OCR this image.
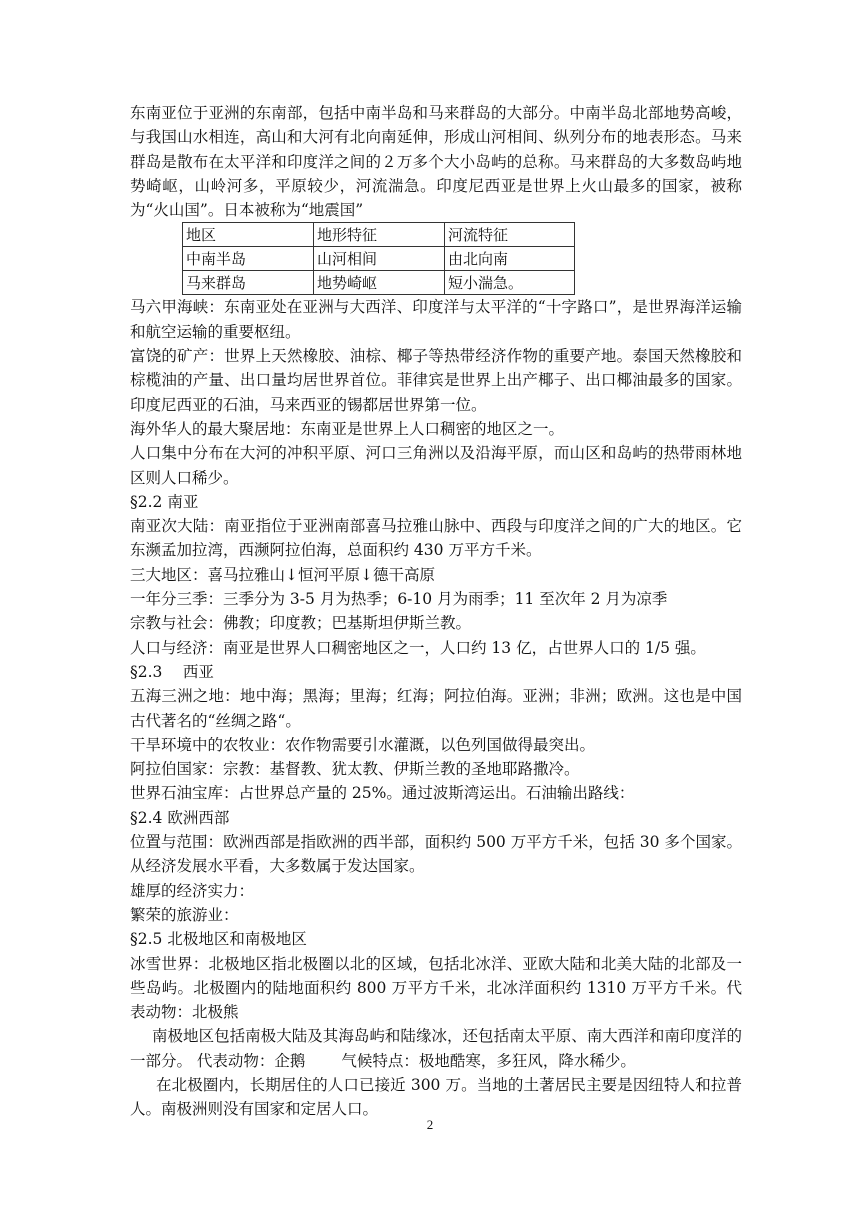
东南亚位于亚洲的东南部，包括中南半岛和马来群岛的大部分。中南半岛北部地势高峻，与我国山水相连，高山和大河有北向南延伸，形成山河相间、纵列分布的地表形态。马来群岛是散布在太平洋和印度洋之间的２万多个大小岛屿的总称。马来群岛的大多数岛屿地势崎岖，山岭河多，平原较少，河流湍急。印度尼西亚是世界上火山最多的国家，被称为“火山国”。日本被称为“地震国”

地区	地形特征	河流特征
中南半岛	山河相间	由北向南
马来群岛	地势崎岖	短小湍急。

马六甲海峡：东南亚处在亚洲与大西洋、印度洋与太平洋的“十字路口”，是世界海洋运输和航空运输的重要枢纽。

富饶的矿产：世界上天然橡胶、油棕、椰子等热带经济作物的重要产地。泰国天然橡胶和棕榄油的产量、出口量均居世界首位。菲律宾是世界上出产椰子、出口椰油最多的国家。印度尼西亚的石油，马来西亚的锡都居世界第一位。

海外华人的最大聚居地：东南亚是世界上人口稠密的地区之一。

人口集中分布在大河的冲积平原、河口三角洲以及沿海平原，而山区和岛屿的热带雨林地区则人口稀少。

§2.2 南亚

南亚次大陆：南亚指位于亚洲南部喜马拉雅山脉中、西段与印度洋之间的广大的地区。它东濒孟加拉湾，西濒阿拉伯海，总面积约 430 万平方千米。

三大地区：喜马拉雅山↓恒河平原↓德干高原

一年分三季：三季分为 3-5 月为热季；6-10 月为雨季；11 至次年 2 月为凉季

宗教与社会：佛教；印度教；巴基斯坦伊斯兰教。

人口与经济：南亚是世界人口稠密地区之一，人口约 13 亿，占世界人口的 1/5 强。

§2.3　 西亚

五海三洲之地：地中海；黑海；里海；红海；阿拉伯海。亚洲；非洲；欧洲。这也是中国古代著名的“丝绸之路“。

干旱环境中的农牧业：农作物需要引水灌溉，以色列国做得最突出。

阿拉伯国家：宗教：基督教、犹太教、伊斯兰教的圣地耶路撒冷。

世界石油宝库：占世界总产量的 25%。通过波斯湾运出。石油输出路线：

§2.4 欧洲西部

位置与范围：欧洲西部是指欧洲的西半部，面积约 500 万平方千米，包括 30 多个国家。从经济发展水平看，大多数属于发达国家。

雄厚的经济实力：

繁荣的旅游业：

§2.5 北极地区和南极地区

冰雪世界：北极地区指北极圈以北的区域，包括北冰洋、亚欧大陆和北美大陆的北部及一些岛屿。北极圈内的陆地面积约 800 万平方千米，北冰洋面积约 1310 万平方千米。代表动物：北极熊

南极地区包括南极大陆及其海岛屿和陆缘冰，还包括南太平原、南大西洋和南印度洋的一部分。 代表动物：企鹅　　 气候特点：极地酷寒，多狂风，降水稀少。

在北极圈内，长期居住的人口已接近 300 万。当地的土著居民主要是因纽特人和拉普人。南极洲则没有国家和定居人口。

2
